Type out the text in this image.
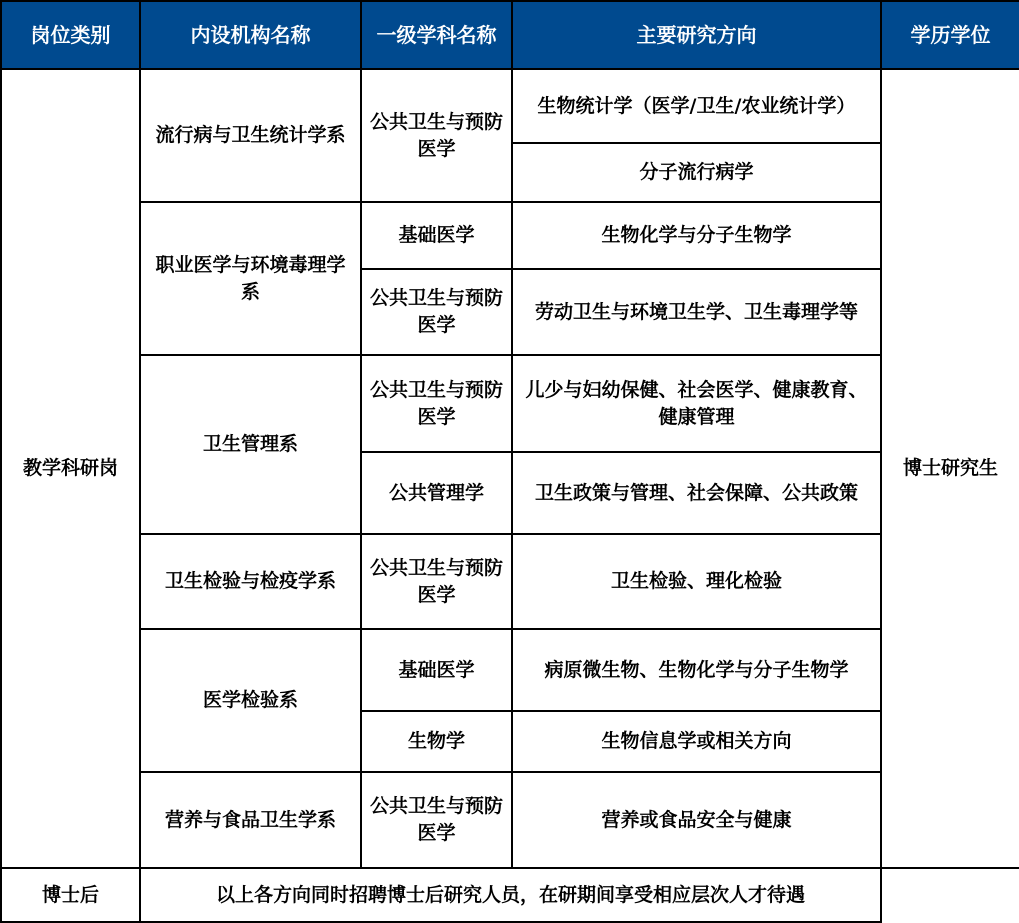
岗位类别	内设机构名称	一级学科名称	主要研究方向	学历学位
教学科研岗	流行病与卫生统计学系	公共卫生与预防医学	生物统计学（医学/卫生/农业统计学）	博士研究生
			分子流行病学	
	职业医学与环境毒理学系	基础医学	生物化学与分子生物学	
		公共卫生与预防医学	劳动卫生与环境卫生学、卫生毒理学等	
	卫生管理系	公共卫生与预防医学	儿少与妇幼保健、社会医学、健康教育、 健康管理	
		公共管理学	卫生政策与管理、社会保障、公共政策	
	卫生检验与检疫学系	公共卫生与预防医学	卫生检验、理化检验	
	医学检验系	基础医学	病原微生物、生物化学与分子生物学	
		生物学	生物信息学或相关方向	
	营养与食品卫生学系	公共卫生与预防医学	营养或食品安全与健康	

博士后	以上各方向同时招聘博士后研究人员，在研期间享受相应层次人才待遇			
